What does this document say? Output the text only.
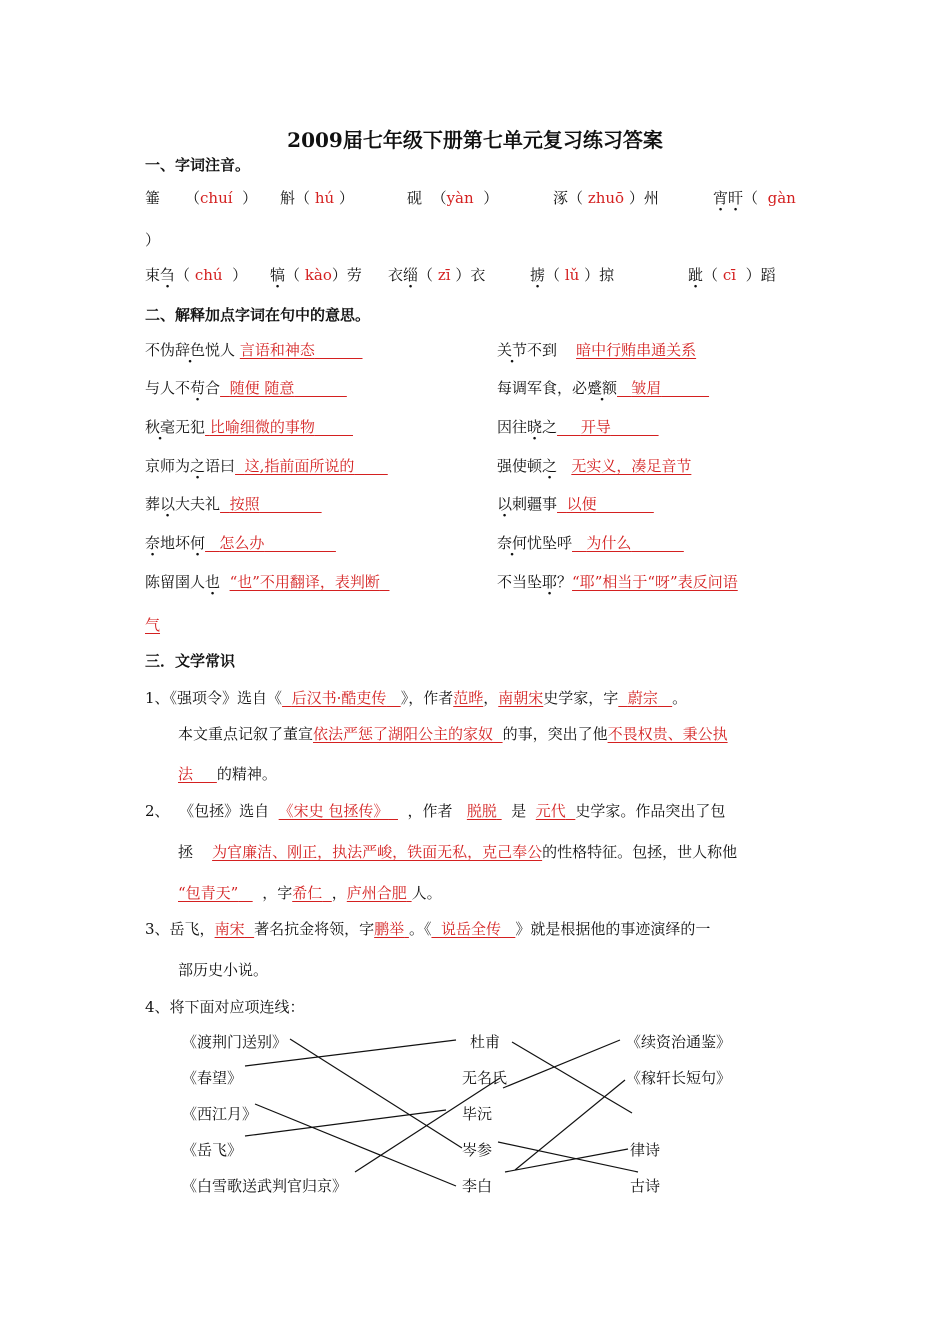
2009届七年级下册第七单元复习练习答案
一、字词注音。
箠 （chuí ） 斛（ hú ）	砚 （yàn ）	涿（ zhuō ）州	宵旰（ gàn
）
束刍（ chú ） 犒（ kào）劳 衣缁（ zī ）衣	掳（ lǔ ）掠	跐（ cī ）蹈
二、解释加点字词在句中的意思。
不伪辞色悦人 言语和神态	关节不到    暗中行贿串通关系
与人不苟合 随便 随意	每调军食，必蹙额 皱眉
秋毫无犯 比喻细微的事物	因往晓之 开导
京师为之语曰 这,指前面所说的	强使顿之 无实义，凑足音节
葬以大夫礼 按照	以刺疆事 以便
奈地坏何 怎么办	奈何忧坠呼 为什么
陈留圉人也 “也”不用翻译，表判断	不当坠耶？“耶”相当于“呀”表反问语
气
三．文学常识
1、《强项令》选自《 后汉书·酷吏传 》，作者范晔，南朝宋史学家，字 蔚宗 。
本文重点记叙了董宣依法严惩了湖阳公主的家奴 的事，突出了他不畏权贵、秉公执
法 的精神。
2、 《包拯》选自 《宋史 包拯传》 ，作者 脱脱 是 元代 史学家。作品突出了包
拯 为官廉洁、刚正，执法严峻，铁面无私，克己奉公的性格特征。包拯，世人称他
“包青天” ，字希仁 ，庐州合肥 人。
3、岳飞，南宋 著名抗金将领，字鹏举 。《 说岳全传 》就是根据他的事迹演绎的一
部历史小说。
4、将下面对应项连线：
《渡荆门送别》
《春望》
《西江月》
《岳飞》
《白雪歌送武判官归京》
杜甫
无名氏
毕沅
岑参
李白
《续资治通鉴》
《稼轩长短句》
律诗
古诗
